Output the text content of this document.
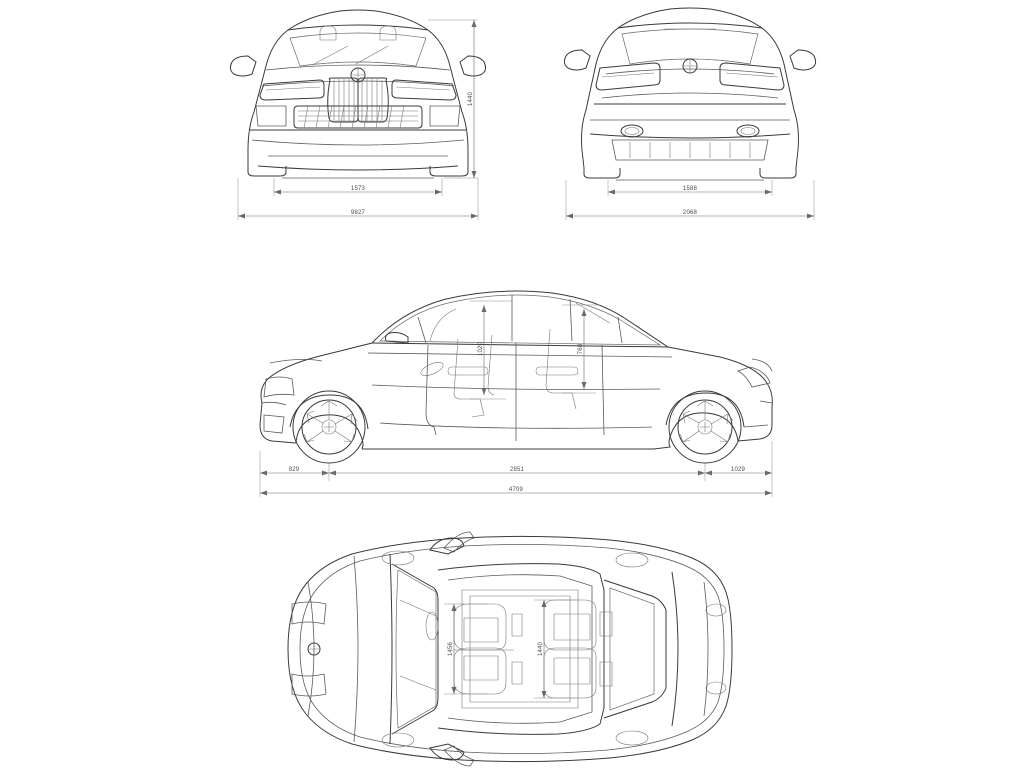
1573
9827
1440
1588
2068
829	2851	1029
4709
1020	760
1456	1440
